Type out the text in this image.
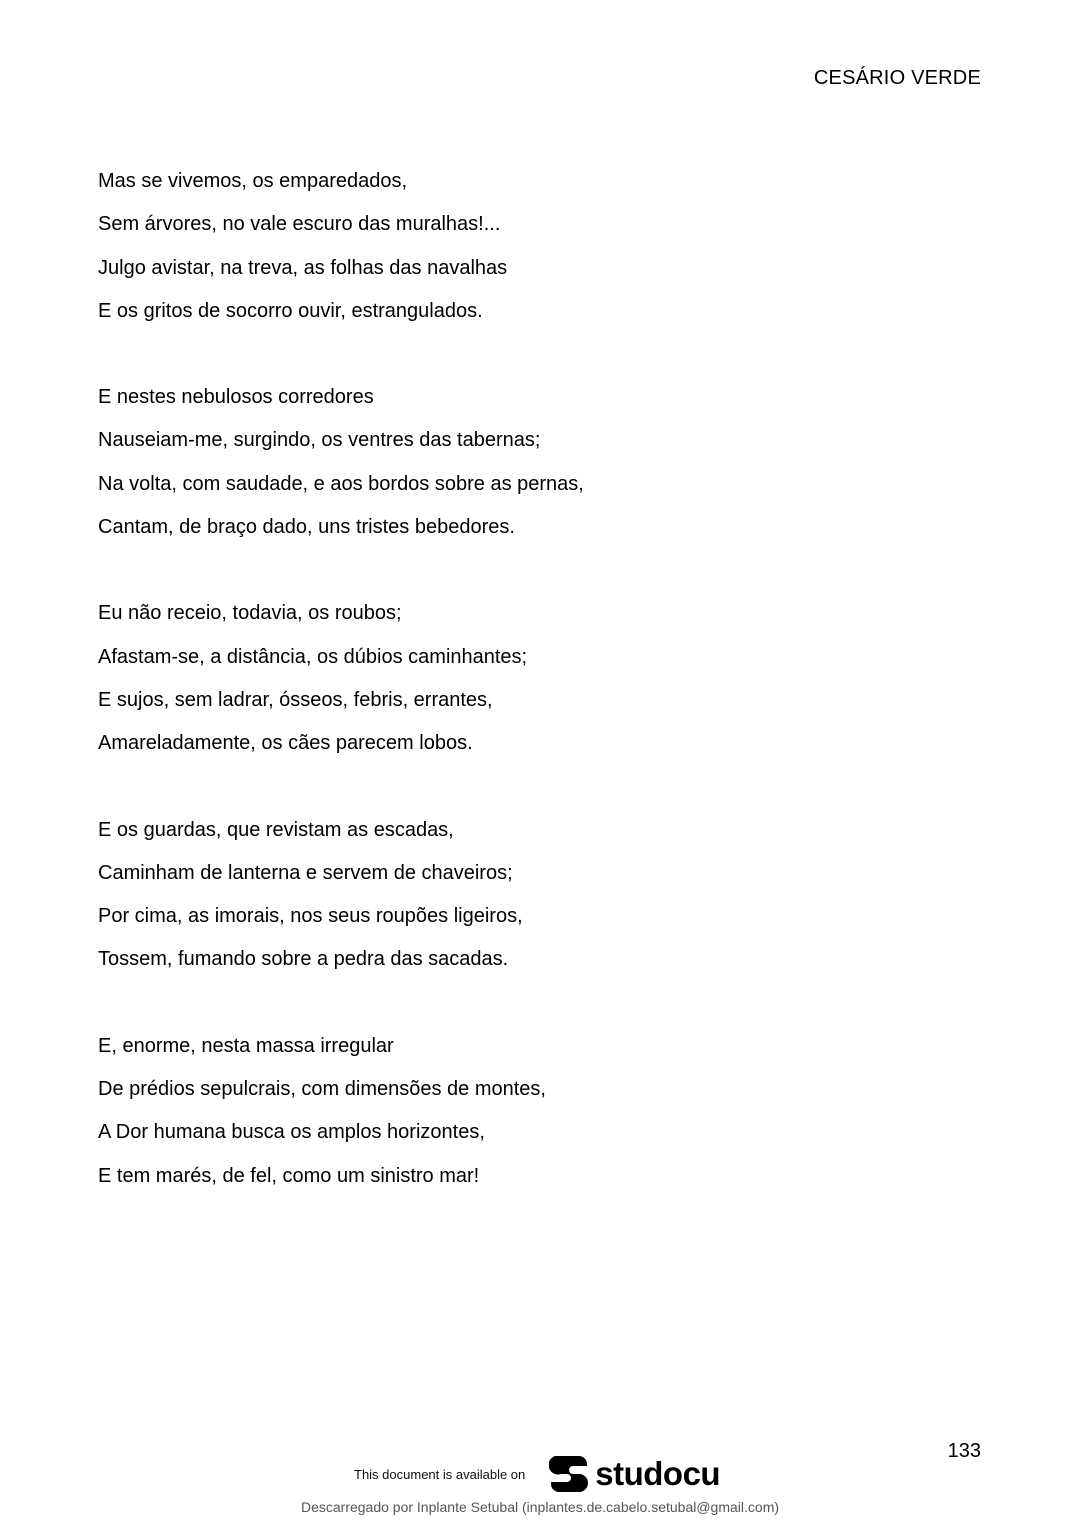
CESÁRIO VERDE
Mas se vivemos, os emparedados,
Sem árvores, no vale escuro das muralhas!...
Julgo avistar, na treva, as folhas das navalhas
E os gritos de socorro ouvir, estrangulados.
E nestes nebulosos corredores
Nauseiam-me, surgindo, os ventres das tabernas;
Na volta, com saudade, e aos bordos sobre as pernas,
Cantam, de braço dado, uns tristes bebedores.
Eu não receio, todavia, os roubos;
Afastam-se, a distância, os dúbios caminhantes;
E sujos, sem ladrar, ósseos, febris, errantes,
Amareladamente, os cães parecem lobos.
E os guardas, que revistam as escadas,
Caminham de lanterna e servem de chaveiros;
Por cima, as imorais, nos seus roupões ligeiros,
Tossem, fumando sobre a pedra das sacadas.
E, enorme, nesta massa irregular
De prédios sepulcrais, com dimensões de montes,
A Dor humana busca os amplos horizontes,
E tem marés, de fel, como um sinistro mar!
133
This document is available on studocu
Descarregado por Inplante Setubal (inplantes.de.cabelo.setubal@gmail.com)
